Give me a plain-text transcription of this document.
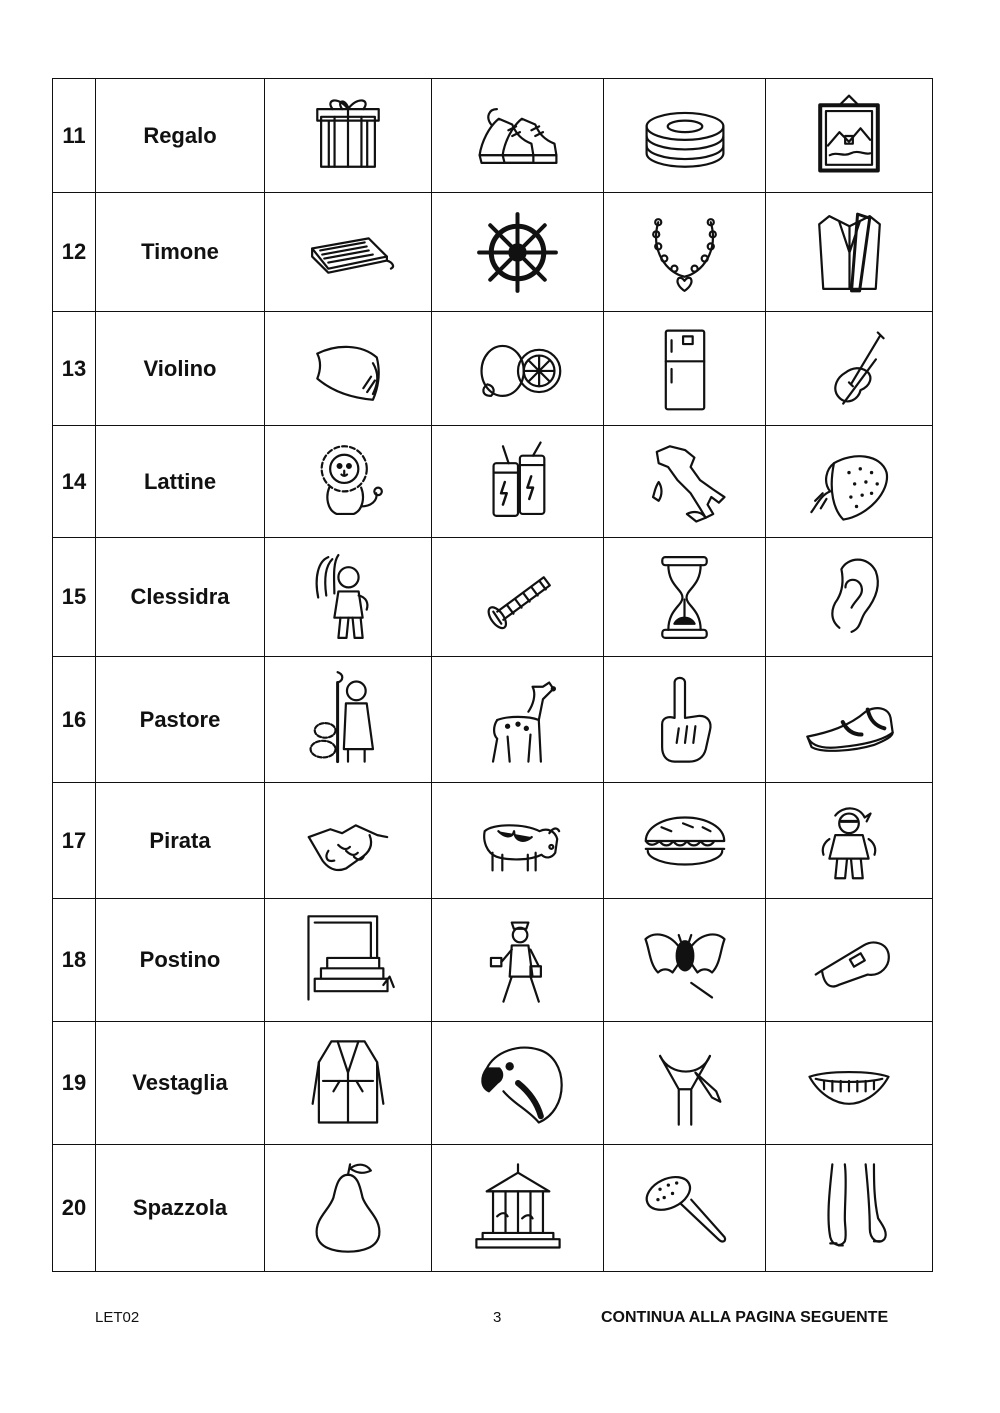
11	Regalo	

12	Timone	

13	Violino	

14	Lattine	

15	Clessidra	

16	Pastore	

17	Pirata	

18	Postino	

19	Vestaglia	

20	Spazzola	

LET02	3	CONTINUA ALLA PAGINA SEGUENTE
